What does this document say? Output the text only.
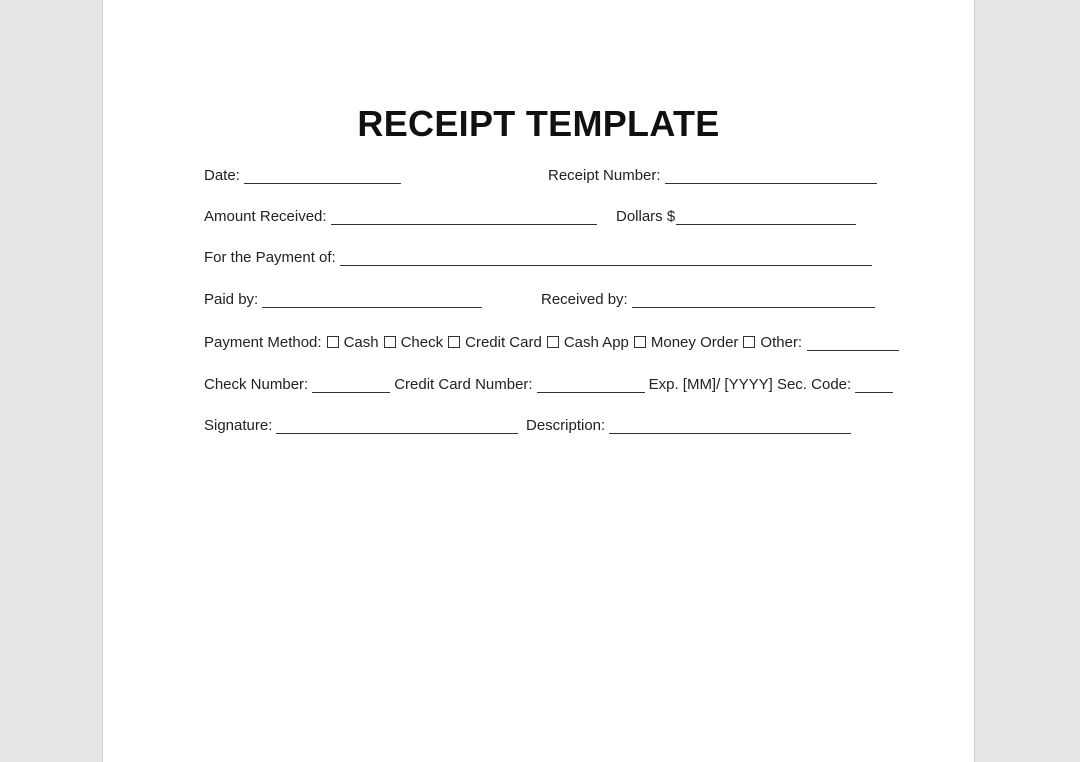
RECEIPT TEMPLATE
Date:	Receipt Number:
Amount Received:	Dollars $
For the Payment of:
Paid by:	Received by:
Payment Method: Cash Check Credit Card Cash App Money Order Other:
Check Number:	Credit Card Number:	Exp. [MM]/ [YYYY] Sec. Code:
Signature:	Description:
